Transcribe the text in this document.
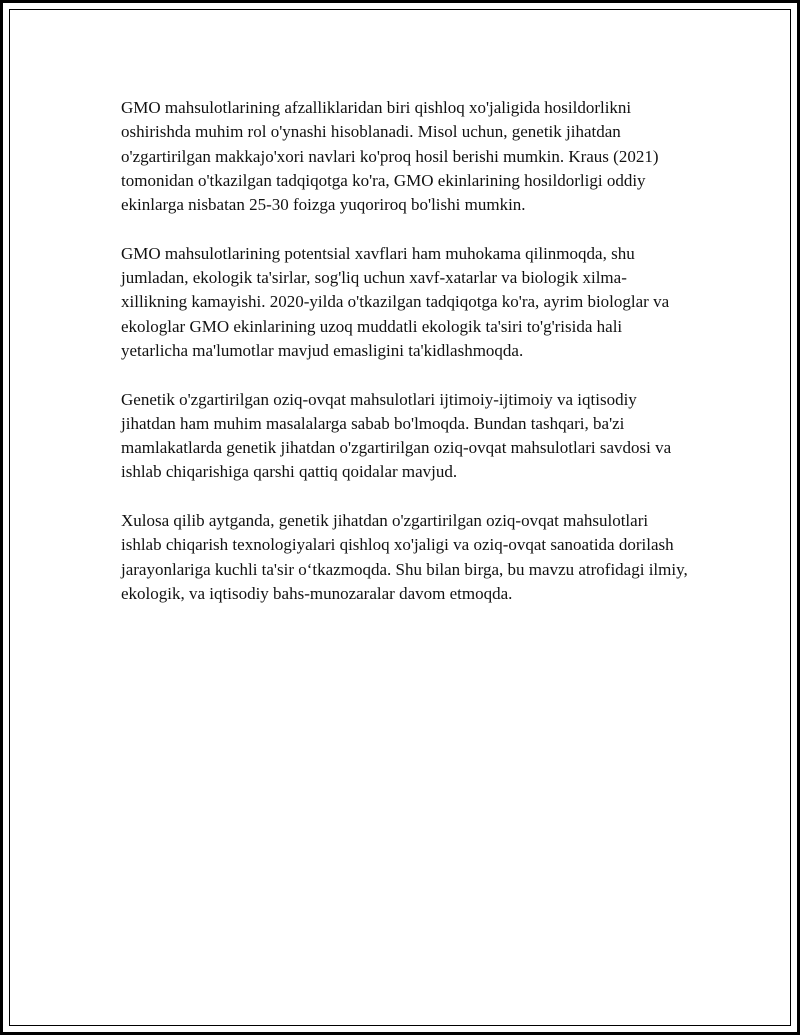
GMO mahsulotlarining afzalliklaridan biri qishloq xo'jaligida hosildorlikni oshirishda muhim rol o'ynashi hisoblanadi. Misol uchun, genetik jihatdan o'zgartirilgan makkajo'xori navlari ko'proq hosil berishi mumkin. Kraus (2021) tomonidan o'tkazilgan tadqiqotga ko'ra, GMO ekinlarining hosildorligi oddiy ekinlarga nisbatan 25-30 foizga yuqoriroq bo'lishi mumkin.

GMO mahsulotlarining potentsial xavflari ham muhokama qilinmoqda, shu jumladan, ekologik ta'sirlar, sog'liq uchun xavf-xatarlar va biologik xilma-xillikning kamayishi. 2020-yilda o'tkazilgan tadqiqotga ko'ra, ayrim biologlar va ekologlar GMO ekinlarining uzoq muddatli ekologik ta'siri to'g'risida hali yetarlicha ma'lumotlar mavjud emasligini ta'kidlashmoqda.

Genetik o'zgartirilgan oziq-ovqat mahsulotlari ijtimoiy-ijtimoiy va iqtisodiy jihatdan ham muhim masalalarga sabab bo'lmoqda. Bundan tashqari, ba'zi mamlakatlarda genetik jihatdan o'zgartirilgan oziq-ovqat mahsulotlari savdosi va ishlab chiqarishiga qarshi qattiq qoidalar mavjud.

Xulosa qilib aytganda, genetik jihatdan o'zgartirilgan oziq-ovqat mahsulotlari ishlab chiqarish texnologiyalari qishloq xo'jaligi va oziq-ovqat sanoatida dorilash jarayonlariga kuchli ta'sir o‘tkazmoqda. Shu bilan birga, bu mavzu atrofidagi ilmiy, ekologik, va iqtisodiy bahs-munozaralar davom etmoqda.
